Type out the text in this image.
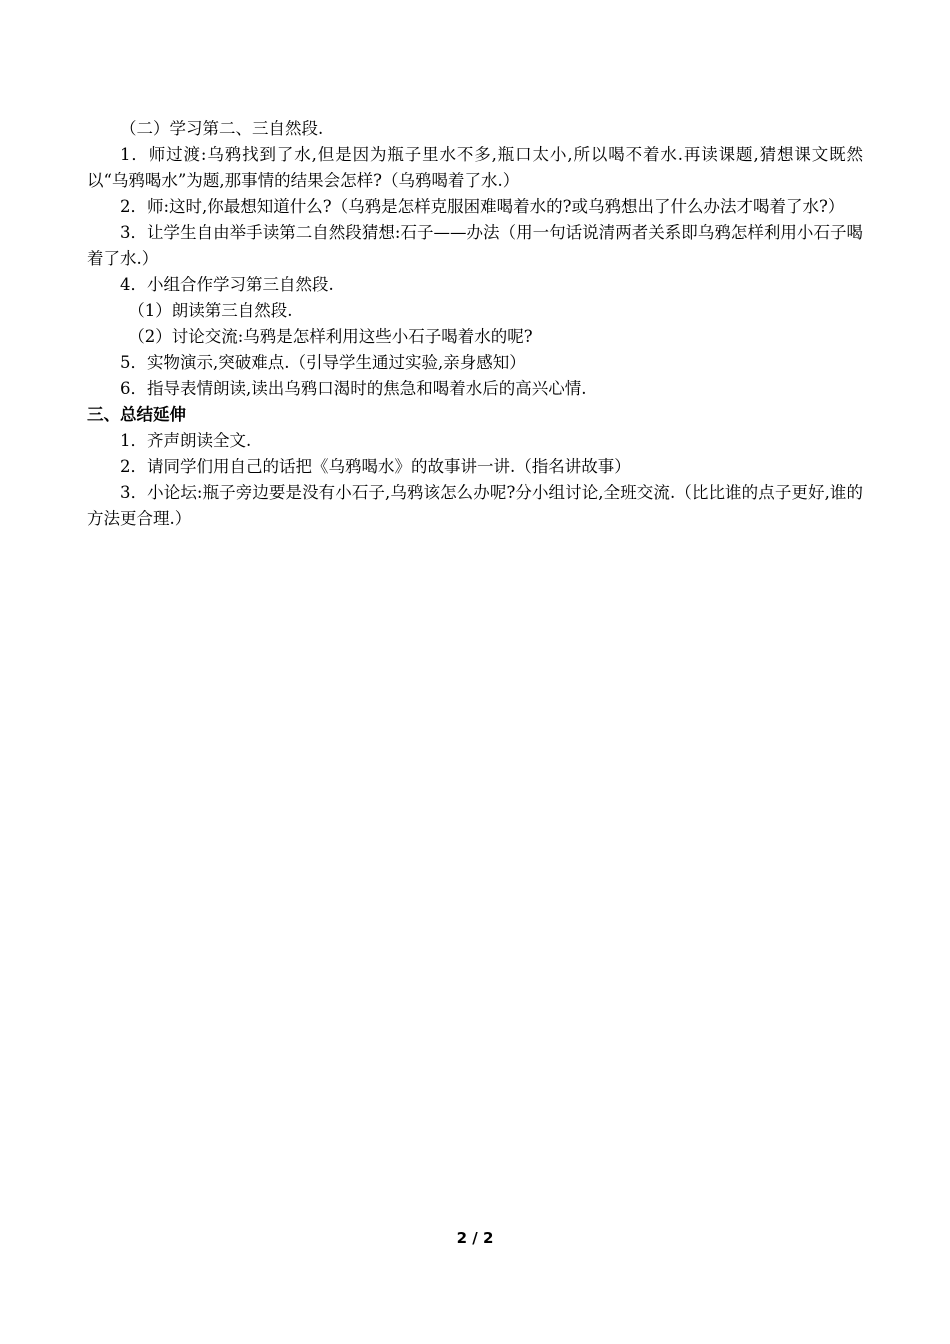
（二）学习第二、三自然段.

1．师过渡:乌鸦找到了水,但是因为瓶子里水不多,瓶口太小,所以喝不着水.再读课题,猜想课文既然以“乌鸦喝水”为题,那事情的结果会怎样?（乌鸦喝着了水.）

2．师:这时,你最想知道什么?（乌鸦是怎样克服困难喝着水的?或乌鸦想出了什么办法才喝着了水?）

3．让学生自由举手读第二自然段猜想:石子——办法（用一句话说清两者关系即乌鸦怎样利用小石子喝着了水.）

4．小组合作学习第三自然段.

（1）朗读第三自然段.

（2）讨论交流:乌鸦是怎样利用这些小石子喝着水的呢?

5．实物演示,突破难点.（引导学生通过实验,亲身感知）

6．指导表情朗读,读出乌鸦口渴时的焦急和喝着水后的高兴心情.

三、总结延伸

1．齐声朗读全文.

2．请同学们用自己的话把《乌鸦喝水》的故事讲一讲.（指名讲故事）

3．小论坛:瓶子旁边要是没有小石子,乌鸦该怎么办呢?分小组讨论,全班交流.（比比谁的点子更好,谁的方法更合理.）

2 / 2
